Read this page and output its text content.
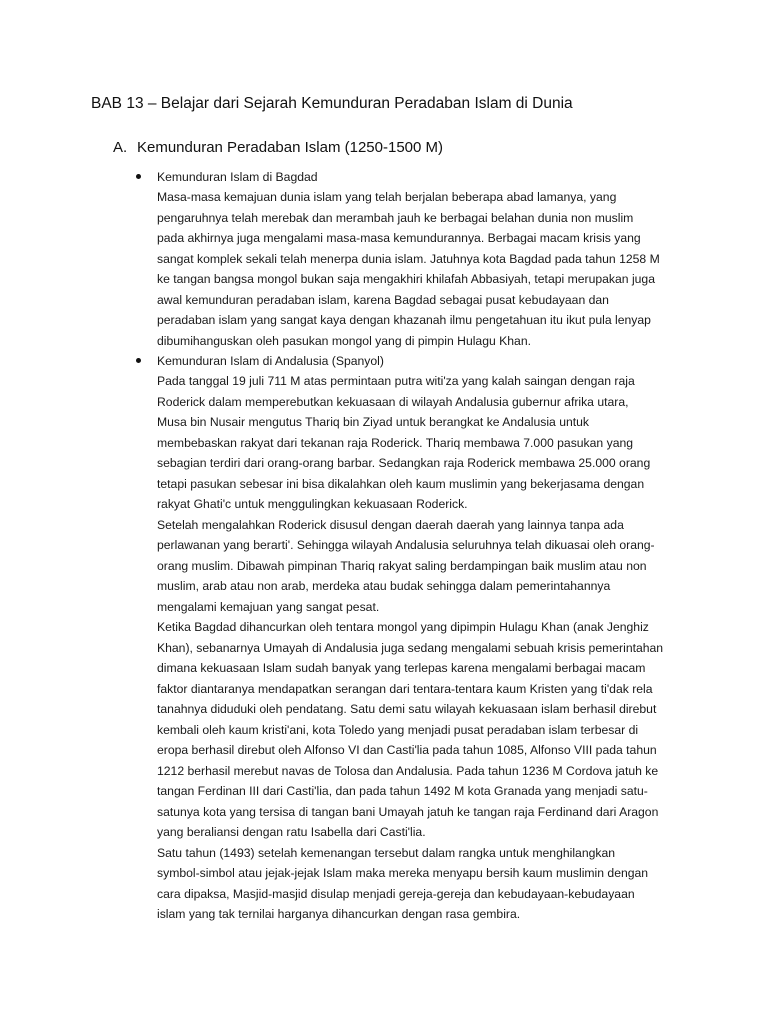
BAB 13 – Belajar dari Sejarah Kemunduran Peradaban Islam di Dunia
A. Kemunduran Peradaban Islam (1250-1500 M)
Kemunduran Islam di Bagdad
Masa-masa kemajuan dunia islam yang telah berjalan beberapa abad lamanya, yang
pengaruhnya telah merebak dan merambah jauh ke berbagai belahan dunia non muslim
pada akhirnya juga mengalami masa-masa kemundurannya. Berbagai macam krisis yang
sangat komplek sekali telah menerpa dunia islam. Jatuhnya kota Bagdad pada tahun 1258 M
ke tangan bangsa mongol bukan saja mengakhiri khilafah Abbasiyah, tetapi merupakan juga
awal kemunduran peradaban islam, karena Bagdad sebagai pusat kebudayaan dan
peradaban islam yang sangat kaya dengan khazanah ilmu pengetahuan itu ikut pula lenyap
dibumihanguskan oleh pasukan mongol yang di pimpin Hulagu Khan.
Kemunduran Islam di Andalusia (Spanyol)
Pada tanggal 19 juli 711 M atas permintaan putra witi'za yang kalah saingan dengan raja
Roderick dalam memperebutkan kekuasaan di wilayah Andalusia gubernur afrika utara,
Musa bin Nusair mengutus Thariq bin Ziyad untuk berangkat ke Andalusia untuk
membebaskan rakyat dari tekanan raja Roderick. Thariq membawa 7.000 pasukan yang
sebagian terdiri dari orang-orang barbar. Sedangkan raja Roderick membawa 25.000 orang
tetapi pasukan sebesar ini bisa dikalahkan oleh kaum muslimin yang bekerjasama dengan
rakyat Ghati'c untuk menggulingkan kekuasaan Roderick.
Setelah mengalahkan Roderick disusul dengan daerah daerah yang lainnya tanpa ada
perlawanan yang berarti'. Sehingga wilayah Andalusia seluruhnya telah dikuasai oleh orang-
orang muslim. Dibawah pimpinan Thariq rakyat saling berdampingan baik muslim atau non
muslim, arab atau non arab, merdeka atau budak sehingga dalam pemerintahannya
mengalami kemajuan yang sangat pesat.
Ketika Bagdad dihancurkan oleh tentara mongol yang dipimpin Hulagu Khan (anak Jenghiz
Khan), sebanarnya Umayah di Andalusia juga sedang mengalami sebuah krisis pemerintahan
dimana kekuasaan Islam sudah banyak yang terlepas karena mengalami berbagai macam
faktor diantaranya mendapatkan serangan dari tentara-tentara kaum Kristen yang ti'dak rela
tanahnya diduduki oleh pendatang. Satu demi satu wilayah kekuasaan islam berhasil direbut
kembali oleh kaum kristi'ani, kota Toledo yang menjadi pusat peradaban islam terbesar di
eropa berhasil direbut oleh Alfonso VI dan Casti'lia pada tahun 1085, Alfonso VIII pada tahun
1212 berhasil merebut navas de Tolosa dan Andalusia. Pada tahun 1236 M Cordova jatuh ke
tangan Ferdinan III dari Casti'lia, dan pada tahun 1492 M kota Granada yang menjadi satu-
satunya kota yang tersisa di tangan bani Umayah jatuh ke tangan raja Ferdinand dari Aragon
yang beraliansi dengan ratu Isabella dari Casti'lia.
Satu tahun (1493) setelah kemenangan tersebut dalam rangka untuk menghilangkan
symbol-simbol atau jejak-jejak Islam maka mereka menyapu bersih kaum muslimin dengan
cara dipaksa, Masjid-masjid disulap menjadi gereja-gereja dan kebudayaan-kebudayaan
islam yang tak ternilai harganya dihancurkan dengan rasa gembira.
